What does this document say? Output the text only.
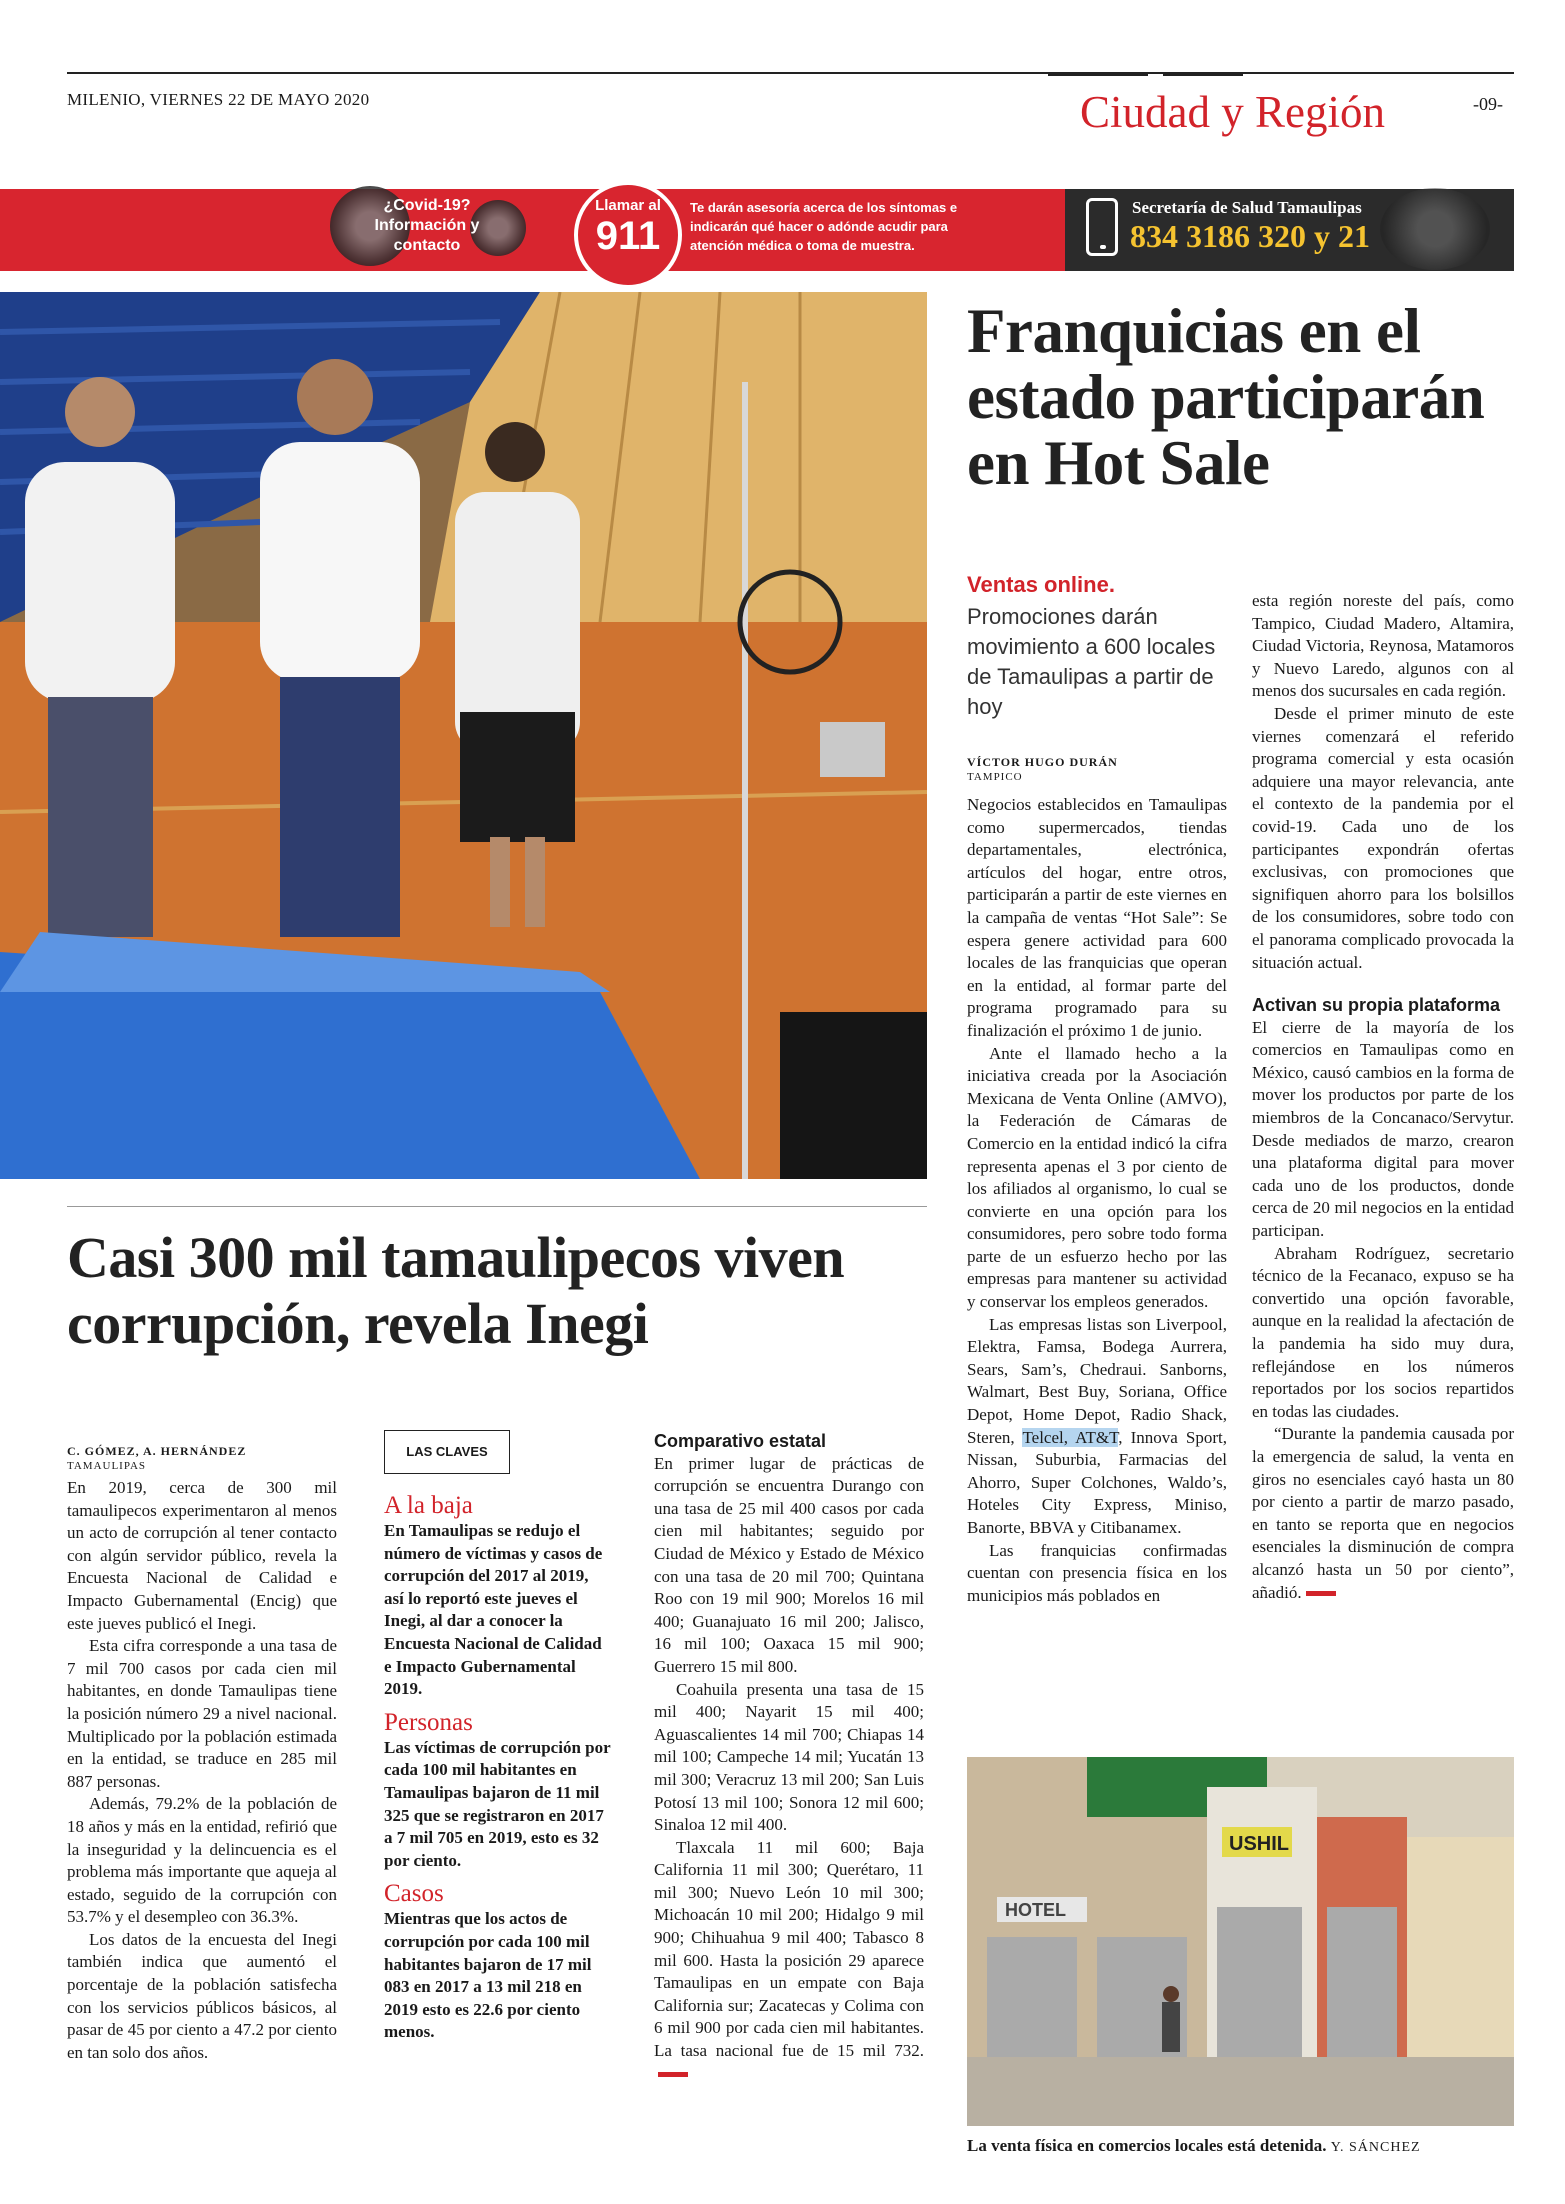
MILENIO, VIERNES 22 DE MAYO 2020	Ciudad y Región	-09-
¿Covid-19? Información y contacto
Llamar al
911
Te darán asesoría acerca de los síntomas e indicarán qué hacer o adónde acudir para atención médica o toma de muestra.
Secretaría de Salud Tamaulipas
834 3186 320 y 21
Franquicias en el estado participarán en Hot Sale
Ventas online.
Promociones darán movimiento a 600 locales de Tamaulipas a partir de hoy
VÍCTOR HUGO DURÁN
TAMPICO

Negocios establecidos en Tamaulipas como supermercados, tiendas departamentales, electrónica, artículos del hogar, entre otros, participarán a partir de este viernes en la campaña de ventas “Hot Sale”: Se espera genere actividad para 600 locales de las franquicias que operan en la entidad, al formar parte del programa programado para su finalización el próximo 1 de junio.

Ante el llamado hecho a la iniciativa creada por la Asociación Mexicana de Venta Online (AMVO), la Federación de Cámaras de Comercio en la entidad indicó la cifra representa apenas el 3 por ciento de los afiliados al organismo, lo cual se convierte en una opción para los consumidores, pero sobre todo forma parte de un esfuerzo hecho por las empresas para mantener su actividad y conservar los empleos generados.

Las empresas listas son Liverpool, Elektra, Famsa, Bodega Aurrera, Sears, Sam’s, Chedraui. Sanborns, Walmart, Best Buy, Soriana, Office Depot, Home Depot, Radio Shack, Steren, Telcel, AT&T, Innova Sport, Nissan, Suburbia, Farmacias del Ahorro, Super Colchones, Waldo’s, Hoteles City Express, Miniso, Banorte, BBVA y Citibanamex.

Las franquicias confirmadas cuentan con presencia física en los municipios más poblados en

esta región noreste del país, como Tampico, Ciudad Madero, Altamira, Ciudad Victoria, Reynosa, Matamoros y Nuevo Laredo, algunos con al menos dos sucursales en cada región.

Desde el primer minuto de este viernes comenzará el referido programa comercial y esta ocasión adquiere una mayor relevancia, ante el contexto de la pandemia por el covid-19. Cada uno de los participantes expondrán ofertas exclusivas, con promociones que signifiquen ahorro para los bolsillos de los consumidores, sobre todo con el panorama complicado provocada la situación actual.

Activan su propia plataforma

El cierre de la mayoría de los comercios en Tamaulipas como en México, causó cambios en la forma de mover los productos por parte de los miembros de la Concanaco/Servytur. Desde mediados de marzo, crearon una plataforma digital para mover cada uno de los productos, donde cerca de 20 mil negocios en la entidad participan.

Abraham Rodríguez, secretario técnico de la Fecanaco, expuso se ha convertido una opción favorable, aunque en la realidad la afectación de la pandemia ha sido muy dura, reflejándose en los números reportados por los socios repartidos en todas las ciudades.

“Durante la pandemia causada por la emergencia de salud, la venta en giros no esenciales cayó hasta un 80 por ciento a partir de marzo pasado, en tanto se reporta que en negocios esenciales la disminución de compra alcanzó hasta un 50 por ciento”, añadió.

USHIL
HOTEL
La venta física en comercios locales está detenida. Y. SÁNCHEZ
Casi 300 mil tamaulipecos viven corrupción, revela Inegi
C. GÓMEZ, A. HERNÁNDEZ
TAMAULIPAS

En 2019, cerca de 300 mil tamaulipecos experimentaron al menos un acto de corrupción al tener contacto con algún servidor público, revela la Encuesta Nacional de Calidad e Impacto Gubernamental (Encig) que este jueves publicó el Inegi.

Esta cifra corresponde a una tasa de 7 mil 700 casos por cada cien mil habitantes, en donde Tamaulipas tiene la posición número 29 a nivel nacional. Multiplicado por la población estimada en la entidad, se traduce en 285 mil 887 personas.

Además, 79.2% de la población de 18 años y más en la entidad, refirió que la inseguridad y la delincuencia es el problema más importante que aqueja al estado, seguido de la corrupción con 53.7% y el desempleo con 36.3%.

Los datos de la encuesta del Inegi también indica que aumentó el porcentaje de la población satisfecha con los servicios públicos básicos, al pasar de 45 por ciento a 47.2 por ciento en tan solo dos años.

LAS CLAVES
A la baja
En Tamaulipas se redujo el número de víctimas y casos de corrupción del 2017 al 2019, así lo reportó este jueves el Inegi, al dar a conocer la Encuesta Nacional de Calidad e Impacto Gubernamental 2019.
Personas
Las víctimas de corrupción por cada 100 mil habitantes en Tamaulipas bajaron de 11 mil 325 que se registraron en 2017 a 7 mil 705 en 2019, esto es 32 por ciento.
Casos
Mientras que los actos de corrupción por cada 100 mil habitantes bajaron de 17 mil 083 en 2017 a 13 mil 218 en 2019 esto es 22.6 por ciento menos.

Comparativo estatal

En primer lugar de prácticas de corrupción se encuentra Durango con una tasa de 25 mil 400 casos por cada cien mil habitantes; seguido por Ciudad de México y Estado de México con una tasa de 20 mil 700; Quintana Roo con 19 mil 900; Morelos 16 mil 400; Guanajuato 16 mil 200; Jalisco, 16 mil 100; Oaxaca 15 mil 900; Guerrero 15 mil 800.

Coahuila presenta una tasa de 15 mil 400; Nayarit 15 mil 400; Aguascalientes 14 mil 700; Chiapas 14 mil 100; Campeche 14 mil; Yucatán 13 mil 300; Veracruz 13 mil 200; San Luis Potosí 13 mil 100; Sonora 12 mil 600; Sinaloa 12 mil 400.

Tlaxcala 11 mil 600; Baja California 11 mil 300; Querétaro, 11 mil 300; Nuevo León 10 mil 300; Michoacán 10 mil 200; Hidalgo 9 mil 900; Chihuahua 9 mil 400; Tabasco 8 mil 600. Hasta la posición 29 aparece Tamaulipas en un empate con Baja California sur; Zacatecas y Colima con 6 mil 900 por cada cien mil habitantes. La tasa nacional fue de 15 mil 732.
